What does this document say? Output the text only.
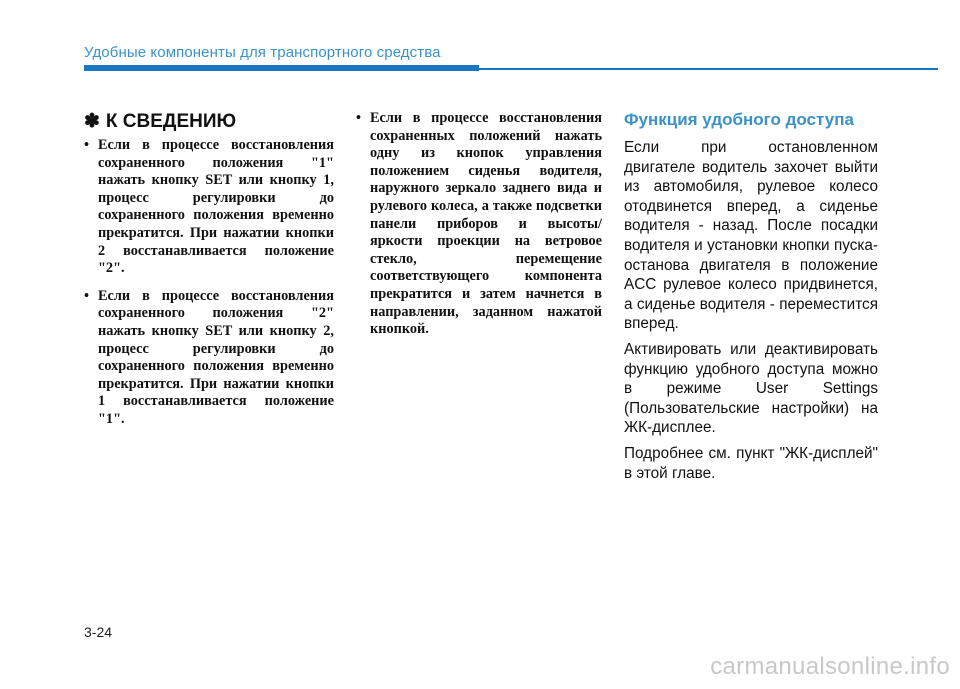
Удобные компоненты для транспортного средства
✽ К СВЕДЕНИЮ
• Если в процессе восстановления сохраненного положения "1" нажать кнопку SET или кнопку 1, процесс регулировки до сохраненного положения временно прекратится. При нажатии кнопки 2 восстанавливается положение "2".
• Если в процессе восстановления сохраненного положения "2" нажать кнопку SET или кнопку 2, процесс регулировки до сохраненного положения временно прекратится. При нажатии кнопки 1 восстанавливается положение "1".
• Если в процессе восстановления сохраненных положений нажать одну из кнопок управления положением сиденья водителя, наружного зеркало заднего вида и рулевого колеса, а также подсветки панели приборов и высоты/яркости проекции на ветровое стекло, перемещение соответствующего компонента прекратится и затем начнется в направлении, заданном нажатой кнопкой.
Функция удобного доступа

Если при остановленном двигателе водитель захочет выйти из автомобиля, рулевое колесо отодвинется вперед, а сиденье водителя - назад. После посадки водителя и установки кнопки пуска-остановa двигателя в положение ACC рулевое колесо придвинется, а сиденье водителя - переместится вперед.

Активировать или деактивировать функцию удобного доступа можно в режиме User Settings (Пользовательские настройки) на ЖК-дисплее.

Подробнее см. пункт "ЖК-дисплей" в этой главе.

3-24
carmanualsonline.info
